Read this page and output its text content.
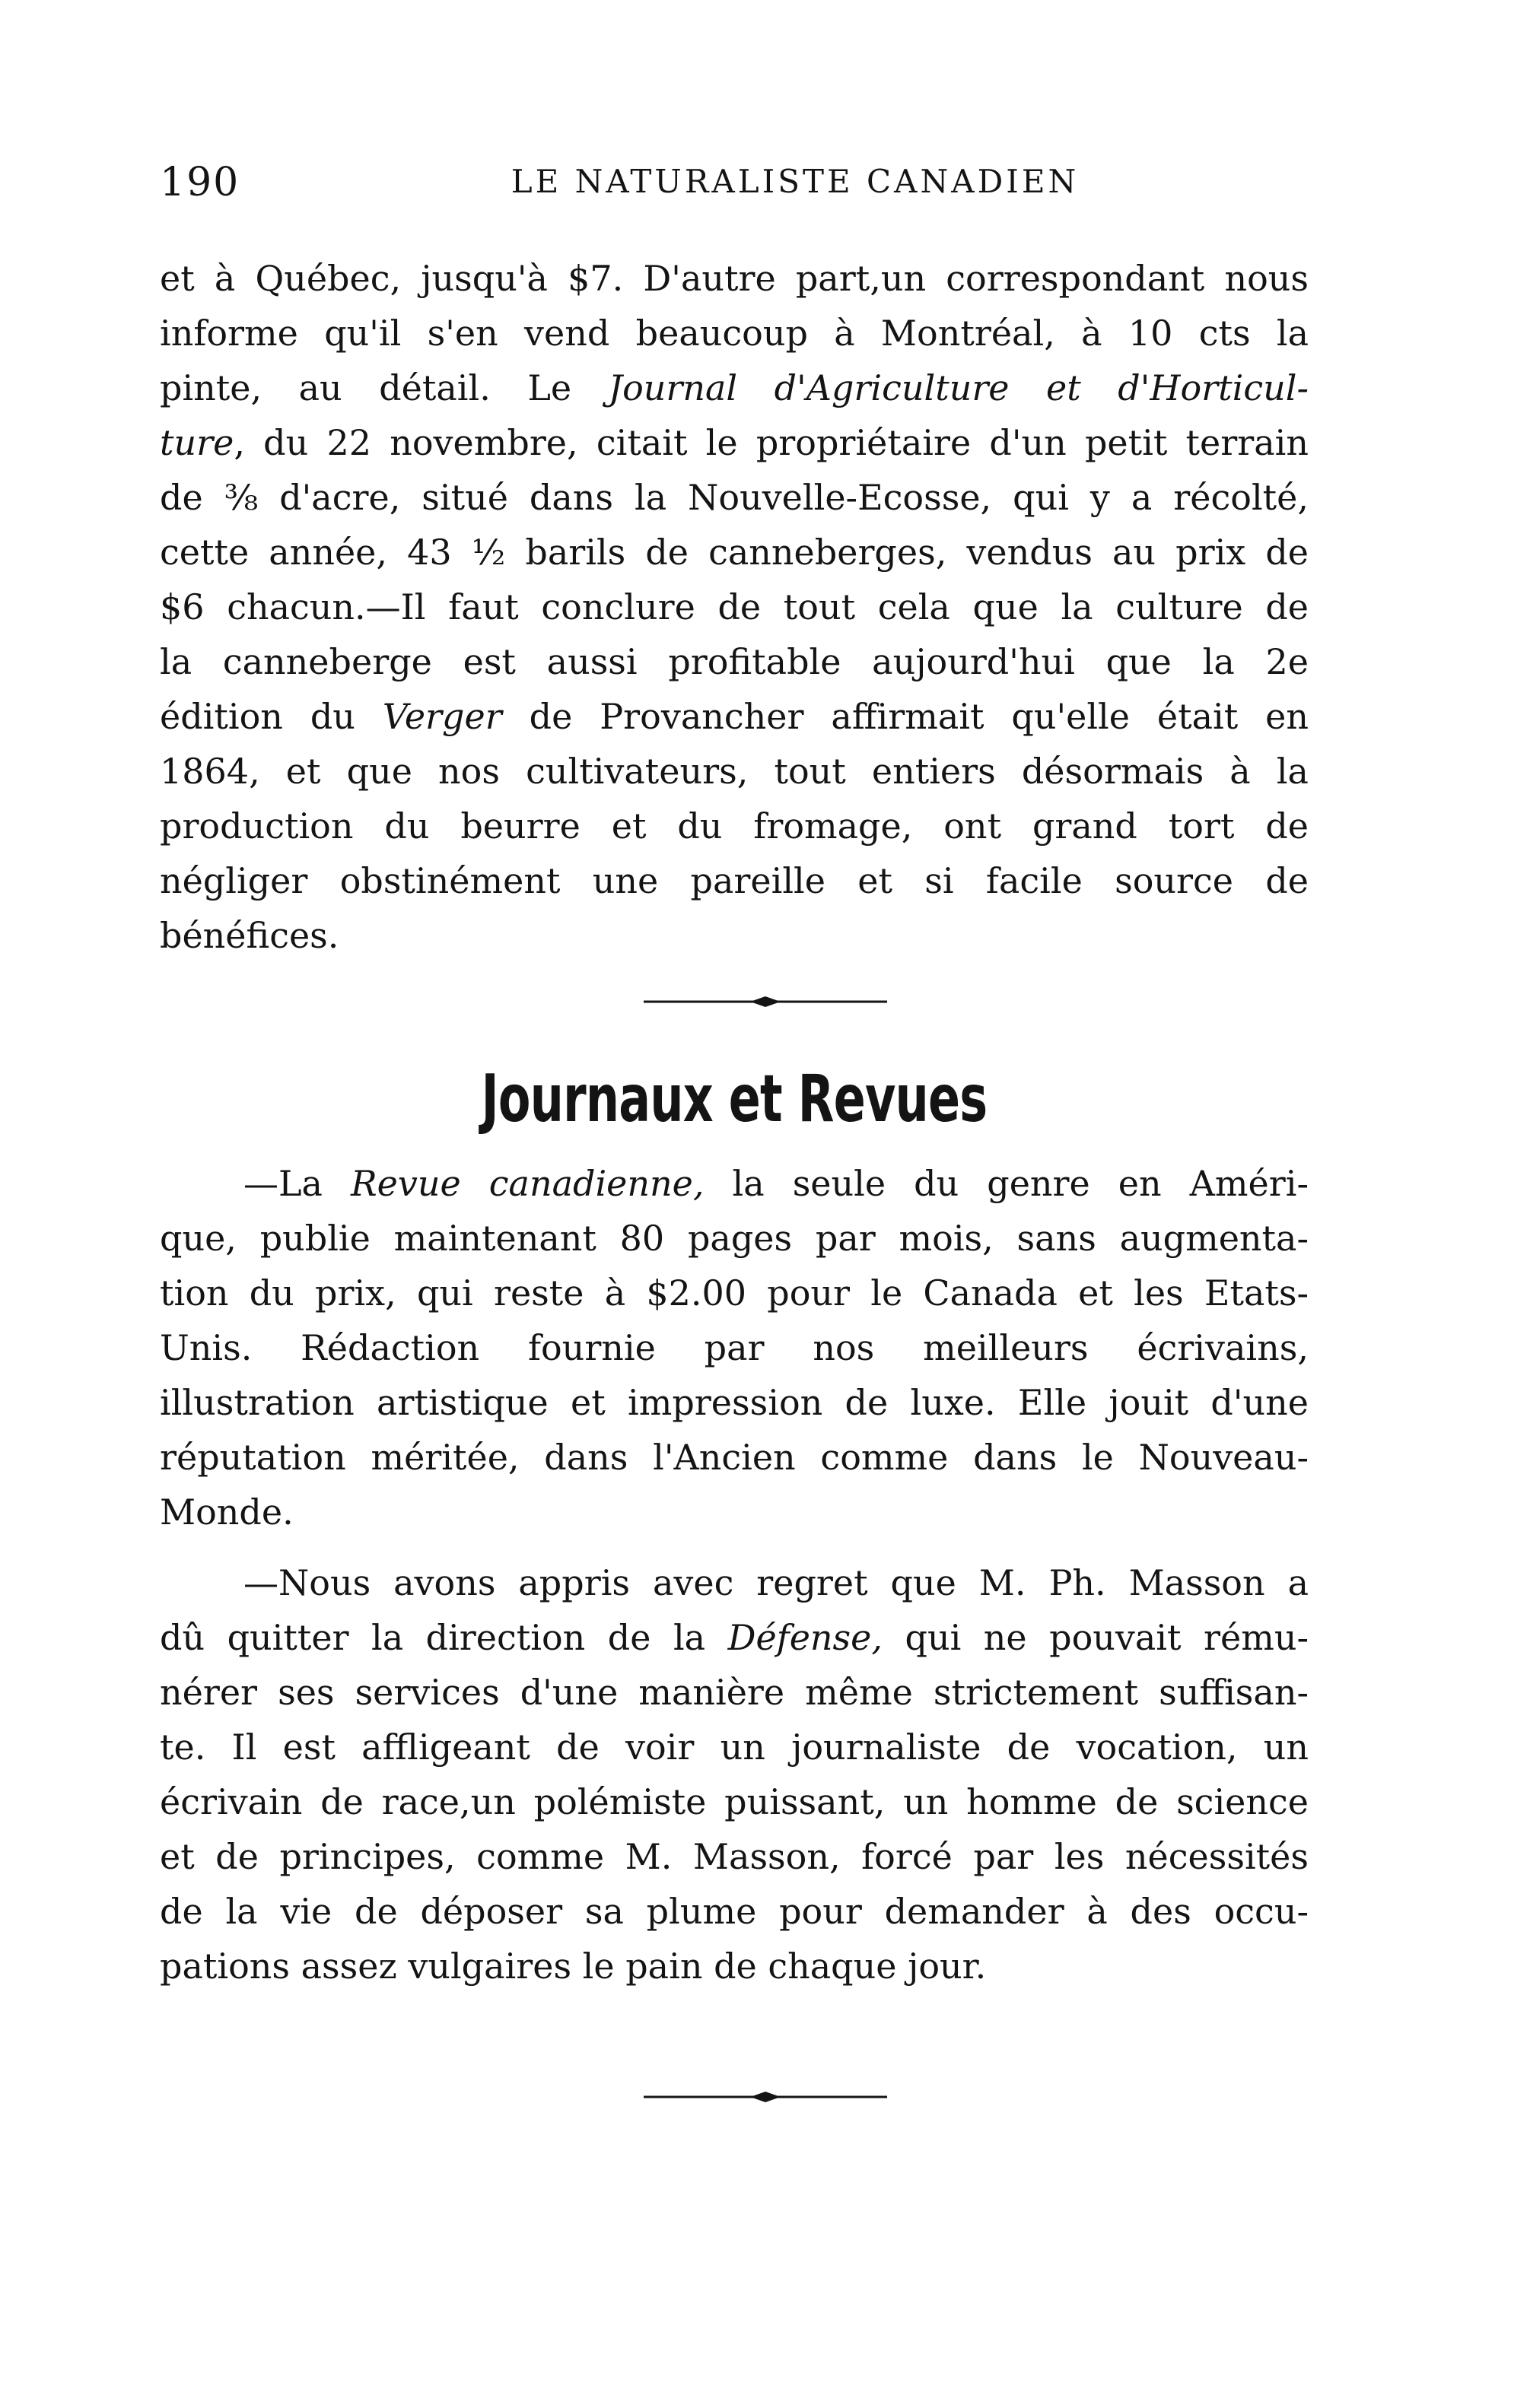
190	LE NATURALISTE CANADIEN
et à Québec, jusqu'à $7. D'autre part,un correspondant nous
informe qu'il s'en vend beaucoup à Montréal, à 10 cts la
pinte, au détail. Le Journal d'Agriculture et d'Horticul-
ture, du 22 novembre, citait le propriétaire d'un petit terrain
de ⅜ d'acre, situé dans la Nouvelle-Ecosse, qui y a récolté,
cette année, 43 ½ barils de canneberges, vendus au prix de
$6 chacun.—Il faut conclure de tout cela que la culture de
la canneberge est aussi profitable aujourd'hui que la 2e
édition du Verger de Provancher affirmait qu'elle était en
1864, et que nos cultivateurs, tout entiers désormais à la
production du beurre et du fromage, ont grand tort de
négliger obstinément une pareille et si facile source de
bénéfices.
Journaux et Revues
—La Revue canadienne, la seule du genre en Améri-
que, publie maintenant 80 pages par mois, sans augmenta-
tion du prix, qui reste à $2.00 pour le Canada et les Etats-
Unis. Rédaction fournie par nos meilleurs écrivains,
illustration artistique et impression de luxe. Elle jouit d'une
réputation méritée, dans l'Ancien comme dans le Nouveau-
Monde.
—Nous avons appris avec regret que M. Ph. Masson a
dû quitter la direction de la Défense, qui ne pouvait rému-
nérer ses services d'une manière même strictement suffisan-
te. Il est affligeant de voir un journaliste de vocation, un
écrivain de race,un polémiste puissant, un homme de science
et de principes, comme M. Masson, forcé par les nécessités
de la vie de déposer sa plume pour demander à des occu-
pations assez vulgaires le pain de chaque jour.
